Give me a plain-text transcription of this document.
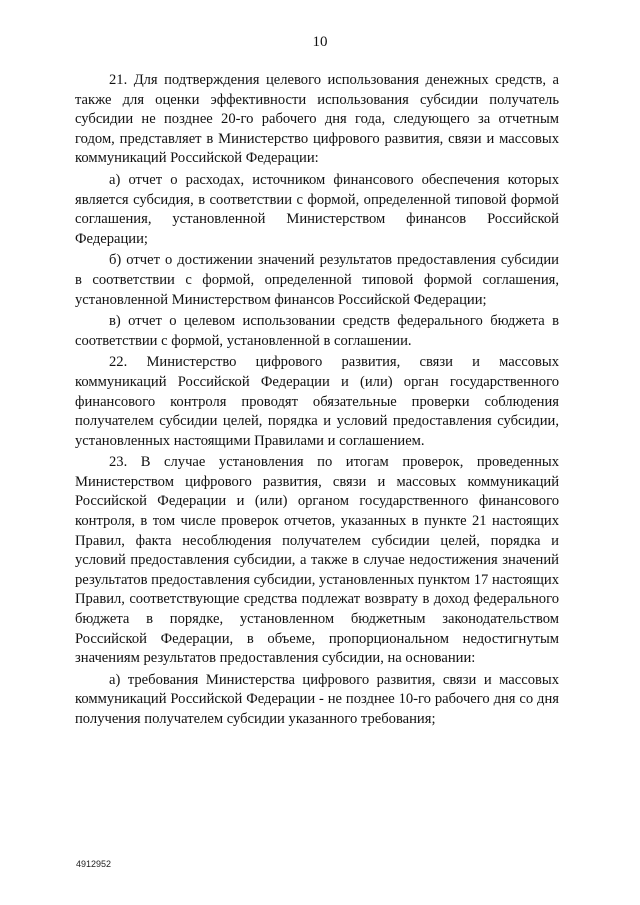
10

21. Для подтверждения целевого использования денежных средств, а также для оценки эффективности использования субсидии получатель субсидии не позднее 20-го рабочего дня года, следующего за отчетным годом, представляет в Министерство цифрового развития, связи и массовых коммуникаций Российской Федерации:

а) отчет о расходах, источником финансового обеспечения которых является субсидия, в соответствии с формой, определенной типовой формой соглашения, установленной Министерством финансов Российской Федерации;

б) отчет о достижении значений результатов предоставления субсидии в соответствии с формой, определенной типовой формой соглашения, установленной Министерством финансов Российской Федерации;

в) отчет о целевом использовании средств федерального бюджета в соответствии с формой, установленной в соглашении.

22. Министерство цифрового развития, связи и массовых коммуникаций Российской Федерации и (или) орган государственного финансового контроля проводят обязательные проверки соблюдения получателем субсидии целей, порядка и условий предоставления субсидии, установленных настоящими Правилами и соглашением.

23. В случае установления по итогам проверок, проведенных Министерством цифрового развития, связи и массовых коммуникаций Российской Федерации и (или) органом государственного финансового контроля, в том числе проверок отчетов, указанных в пункте 21 настоящих Правил, факта несоблюдения получателем субсидии целей, порядка и условий предоставления субсидии, а также в случае недостижения значений результатов предоставления субсидии, установленных пунктом 17 настоящих Правил, соответствующие средства подлежат возврату в доход федерального бюджета в порядке, установленном бюджетным законодательством Российской Федерации, в объеме, пропорциональном недостигнутым значениям результатов предоставления субсидии, на основании:

а) требования Министерства цифрового развития, связи и массовых коммуникаций Российской Федерации - не позднее 10-го рабочего дня со дня получения получателем субсидии указанного требования;

4912952
